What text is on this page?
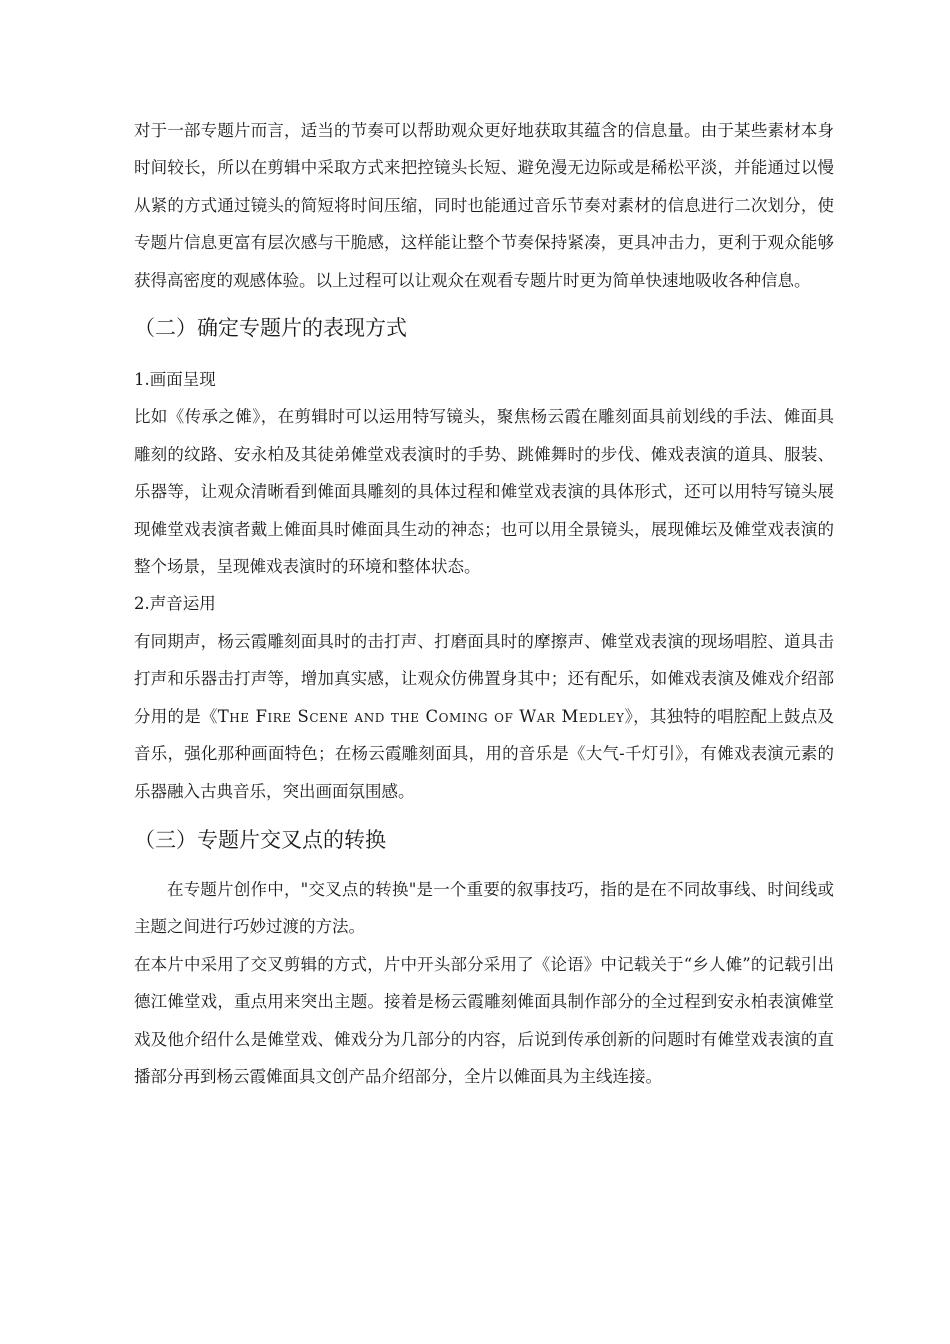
对于一部专题片而言，适当的节奏可以帮助观众更好地获取其蕴含的信息量。由于某些素材本身时间较长，所以在剪辑中采取方式来把控镜头长短、避免漫无边际或是稀松平淡，并能通过以慢从紧的方式通过镜头的简短将时间压缩，同时也能通过音乐节奏对素材的信息进行二次划分，使专题片信息更富有层次感与干脆感，这样能让整个节奏保持紧凑，更具冲击力，更利于观众能够获得高密度的观感体验。以上过程可以让观众在观看专题片时更为简单快速地吸收各种信息。

（二）确定专题片的表现方式

1.画面呈现

比如《传承之傩》，在剪辑时可以运用特写镜头，聚焦杨云霞在雕刻面具前划线的手法、傩面具雕刻的纹路、安永柏及其徒弟傩堂戏表演时的手势、跳傩舞时的步伐、傩戏表演的道具、服装、乐器等，让观众清晰看到傩面具雕刻的具体过程和傩堂戏表演的具体形式，还可以用特写镜头展现傩堂戏表演者戴上傩面具时傩面具生动的神态；也可以用全景镜头，展现傩坛及傩堂戏表演的整个场景，呈现傩戏表演时的环境和整体状态。

2.声音运用

有同期声，杨云霞雕刻面具时的击打声、打磨面具时的摩擦声、傩堂戏表演的现场唱腔、道具击打声和乐器击打声等，增加真实感，让观众仿佛置身其中；还有配乐，如傩戏表演及傩戏介绍部分用的是《The Fire Scene and the Coming of War Medley》，其独特的唱腔配上鼓点及音乐，强化那种画面特色；在杨云霞雕刻面具，用的音乐是《大气-千灯引》，有傩戏表演元素的乐器融入古典音乐，突出画面氛围感。

（三）专题片交叉点的转换

在专题片创作中，"交叉点的转换"是一个重要的叙事技巧，指的是在不同故事线、时间线或主题之间进行巧妙过渡的方法。

在本片中采用了交叉剪辑的方式，片中开头部分采用了《论语》中记载关于“乡人傩”的记载引出德江傩堂戏，重点用来突出主题。接着是杨云霞雕刻傩面具制作部分的全过程到安永柏表演傩堂戏及他介绍什么是傩堂戏、傩戏分为几部分的内容，后说到传承创新的问题时有傩堂戏表演的直播部分再到杨云霞傩面具文创产品介绍部分，全片以傩面具为主线连接。
